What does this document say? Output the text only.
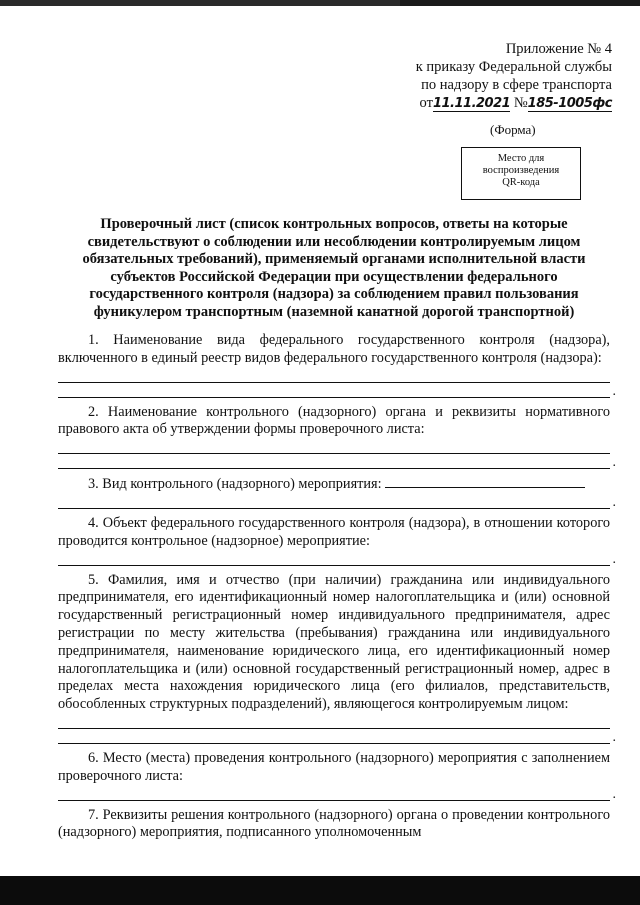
Приложение № 4
к приказу Федеральной службы
по надзору в сфере транспорта
от11.11.2021 №185-1005фс
(Форма)
Место для
воспроизведения
QR-кода
Проверочный лист (список контрольных вопросов, ответы на которые свидетельствуют о соблюдении или несоблюдении контролируемым лицом обязательных требований), применяемый органами исполнительной власти субъектов Российской Федерации при осуществлении федерального государственного контроля (надзора) за соблюдением правил пользования фуникулером транспортным (наземной канатной дорогой транспортной)

1. Наименование вида федерального государственного контроля (надзора), включенного в единый реестр видов федерального государственного контроля (надзора):

.

2. Наименование контрольного (надзорного) органа и реквизиты нормативного правового акта об утверждении формы проверочного листа:

.

3. Вид контрольного (надзорного) мероприятия:

.

4. Объект федерального государственного контроля (надзора), в отношении которого проводится контрольное (надзорное) мероприятие:

.

5. Фамилия, имя и отчество (при наличии) гражданина или индивидуального предпринимателя, его идентификационный номер налогоплательщика и (или) основной государственный регистрационный номер индивидуального предпринимателя, адрес регистрации по месту жительства (пребывания) гражданина или индивидуального предпринимателя, наименование юридического лица, его идентификационный номер налогоплательщика и (или) основной государственный регистрационный номер, адрес в пределах места нахождения юридического лица (его филиалов, представительств, обособленных структурных подразделений), являющегося контролируемым лицом:

.

6. Место (места) проведения контрольного (надзорного) мероприятия с заполнением проверочного листа:

.

7. Реквизиты решения контрольного (надзорного) органа о проведении контрольного (надзорного) мероприятия, подписанного уполномоченным
